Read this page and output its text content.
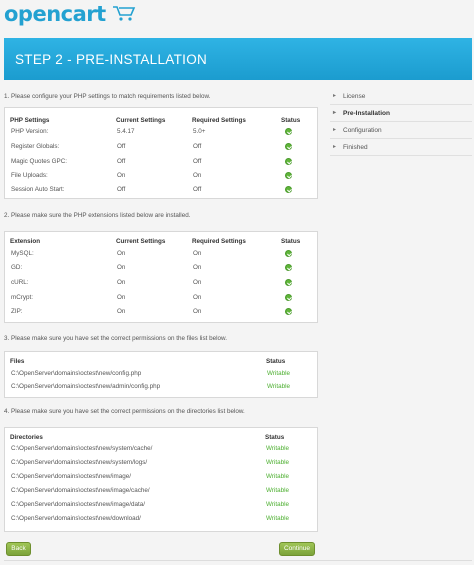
opencart
STEP 2 - PRE-INSTALLATION
1. Please configure your PHP settings to match requirements listed below.
PHP Settings	Current Settings	Required Settings	Status
PHP Version:	5.4.17	5.0+
Register Globals:	Off	Off
Magic Quotes GPC:	Off	Off
File Uploads:	On	On
Session Auto Start:	Off	Off
2. Please make sure the PHP extensions listed below are installed.
Extension	Current Settings	Required Settings	Status
MySQL:	On	On
GD:	On	On
cURL:	On	On
mCrypt:	On	On
ZIP:	On	On
3. Please make sure you have set the correct permissions on the files list below.
Files	Status
C:\OpenServer\domains\octest\new/config.php	Writable
C:\OpenServer\domains\octest\new/admin/config.php	Writable
4. Please make sure you have set the correct permissions on the directories list below.
Directories	Status
C:\OpenServer\domains\octest\new/system/cache/	Writable
C:\OpenServer\domains\octest\new/system/logs/	Writable
C:\OpenServer\domains\octest\new/image/	Writable
C:\OpenServer\domains\octest\new/image/cache/	Writable
C:\OpenServer\domains\octest\new/image/data/	Writable
C:\OpenServer\domains\octest\new/download/	Writable
▸ License
▸ Pre-Installation
▸ Configuration
▸ Finished
Back	Continue
